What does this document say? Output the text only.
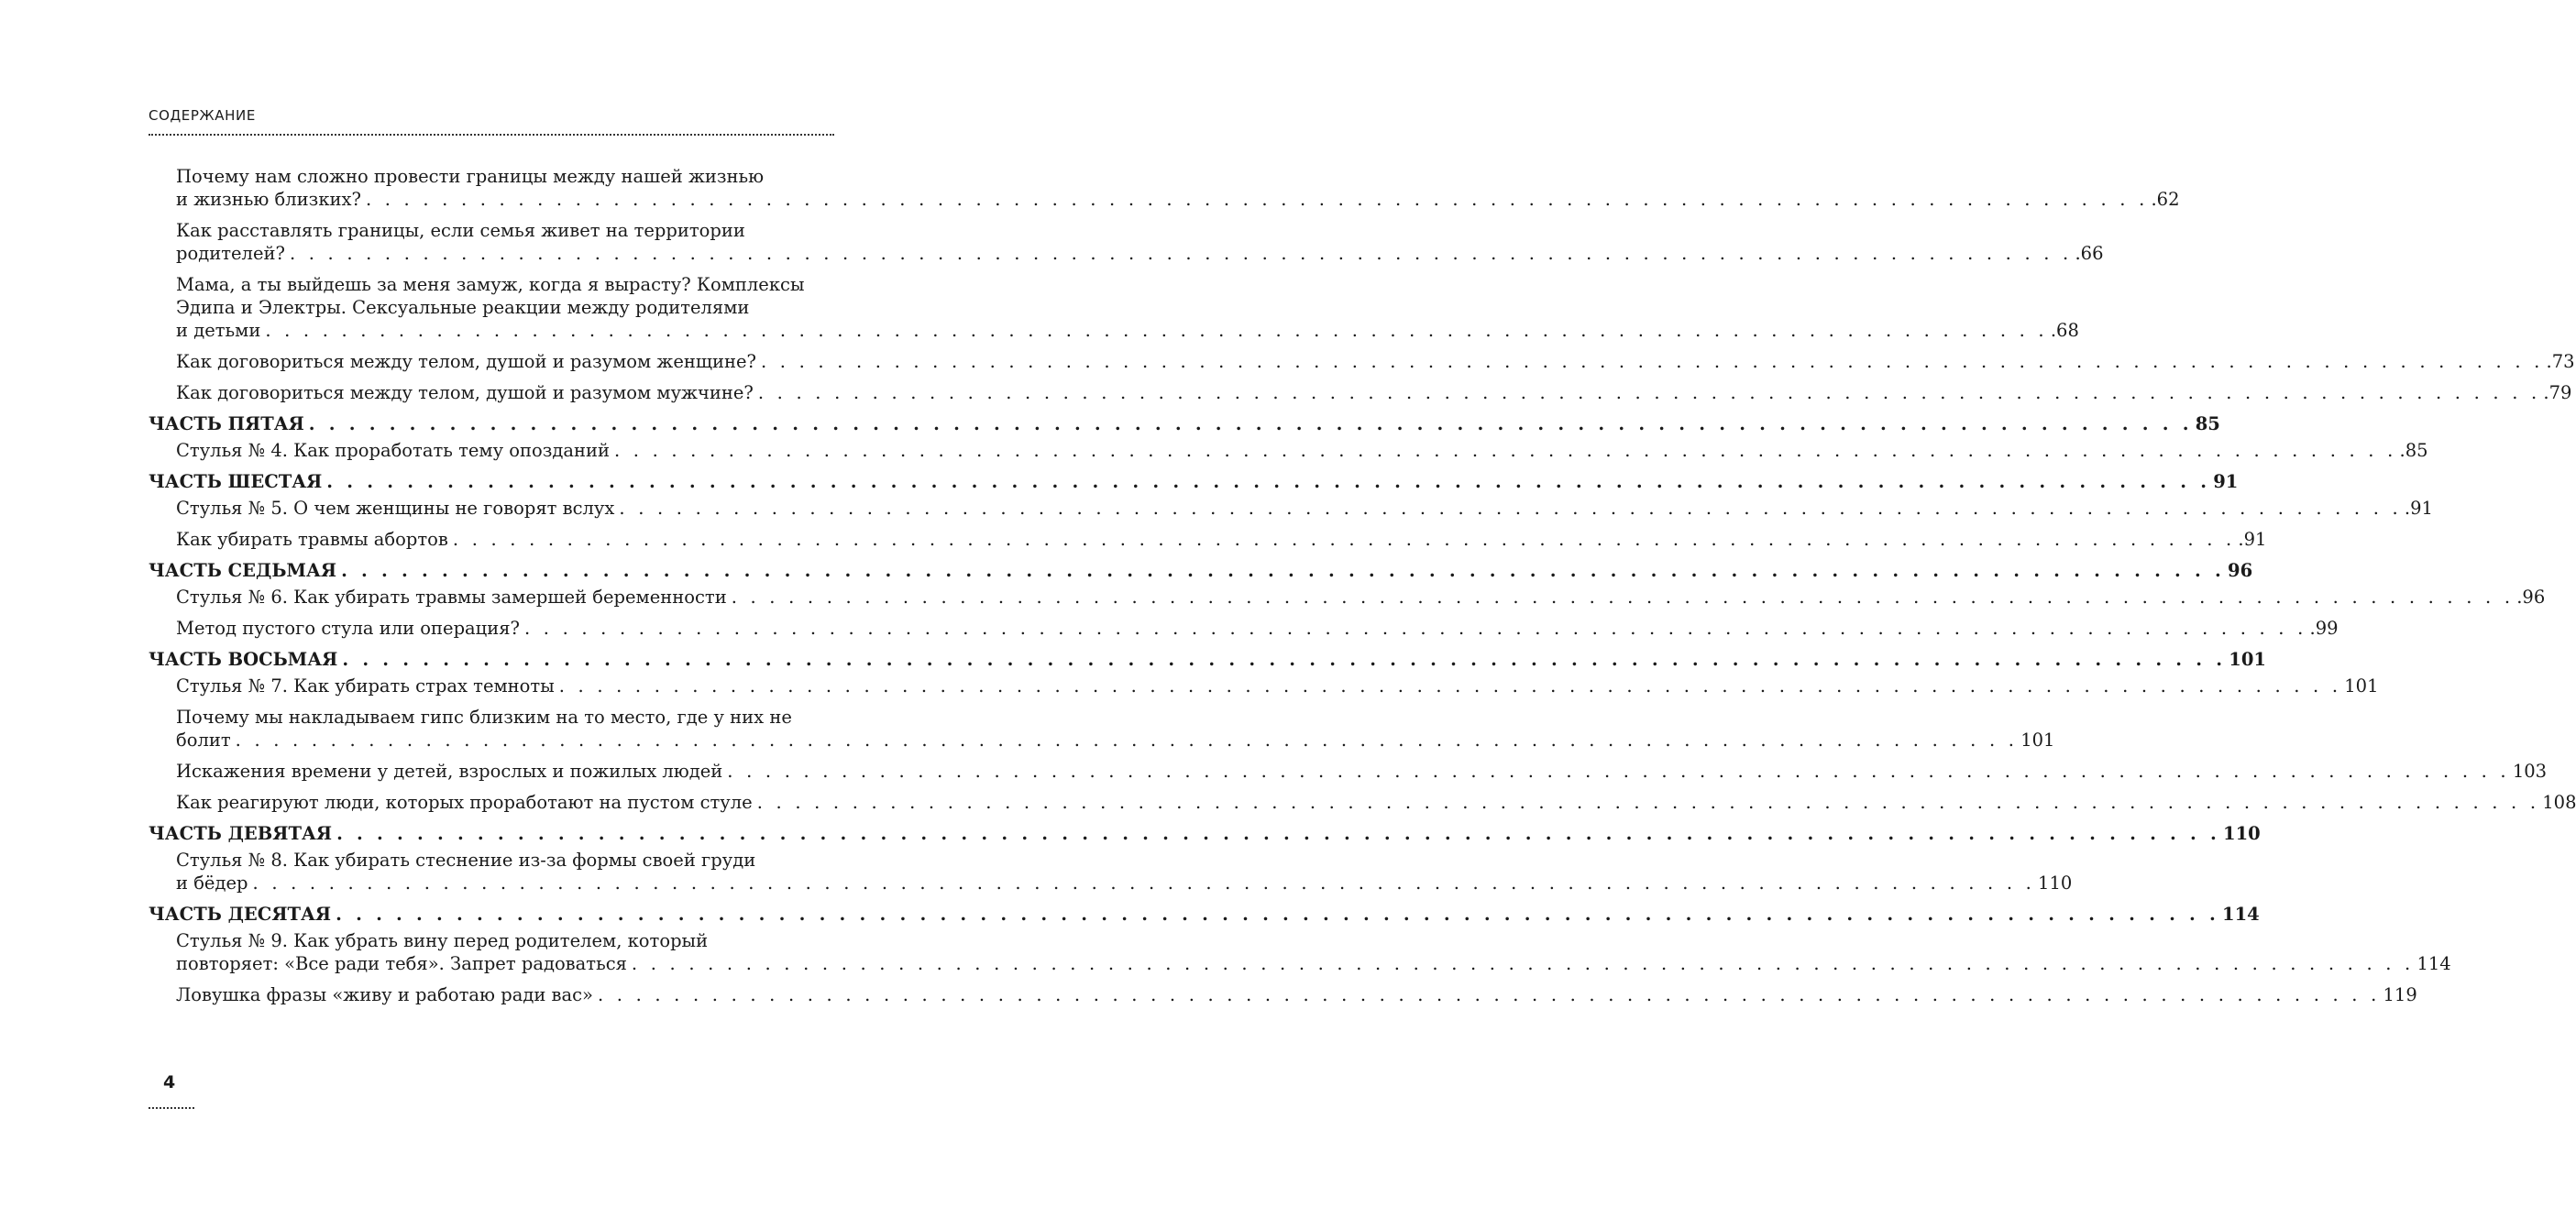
СОДЕРЖАНИЕ
Почему нам сложно провести границы между нашей жизнью
и жизнью близких? . . .	.62
Как расставлять границы, если семья живет на территории
родителей? . . .	.66
Мама, а ты выйдешь за меня замуж, когда я вырасту? Комплексы
Эдипа и Электры. Сексуальные реакции между родителями
и детьми . . .	.68
Как договориться между телом, душой и разумом женщине? . . .	.73
Как договориться между телом, душой и разумом мужчине? . . .	.79
ЧАСТЬ ПЯТАЯ . . .	85
Стулья № 4. Как проработать тему опозданий . . .	.85
ЧАСТЬ ШЕСТАЯ . . .	91
Стулья № 5. О чем женщины не говорят вслух . . .	.91
Как убирать травмы абортов . . .	.91
ЧАСТЬ СЕДЬМАЯ . . .	96
Стулья № 6. Как убирать травмы замершей беременности . . .	.96
Метод пустого стула или операция? . . .	.99
ЧАСТЬ ВОСЬМАЯ . . .	101
Стулья № 7. Как убирать страх темноты . . .	101
Почему мы накладываем гипс близким на то место, где у них не
болит . . .	101
Искажения времени у детей, взрослых и пожилых людей . . .	103
Как реагируют люди, которых проработают на пустом стуле . . .	108
ЧАСТЬ ДЕВЯТАЯ . . .	110
Стулья № 8. Как убирать стеснение из-за формы своей груди
и бёдер . . .	110
ЧАСТЬ ДЕСЯТАЯ . . .	114
Стулья № 9. Как убрать вину перед родителем, который
повторяет: «Все ради тебя». Запрет радоваться . . .	114
Ловушка фразы «живу и работаю ради вас» . . .	119
4
